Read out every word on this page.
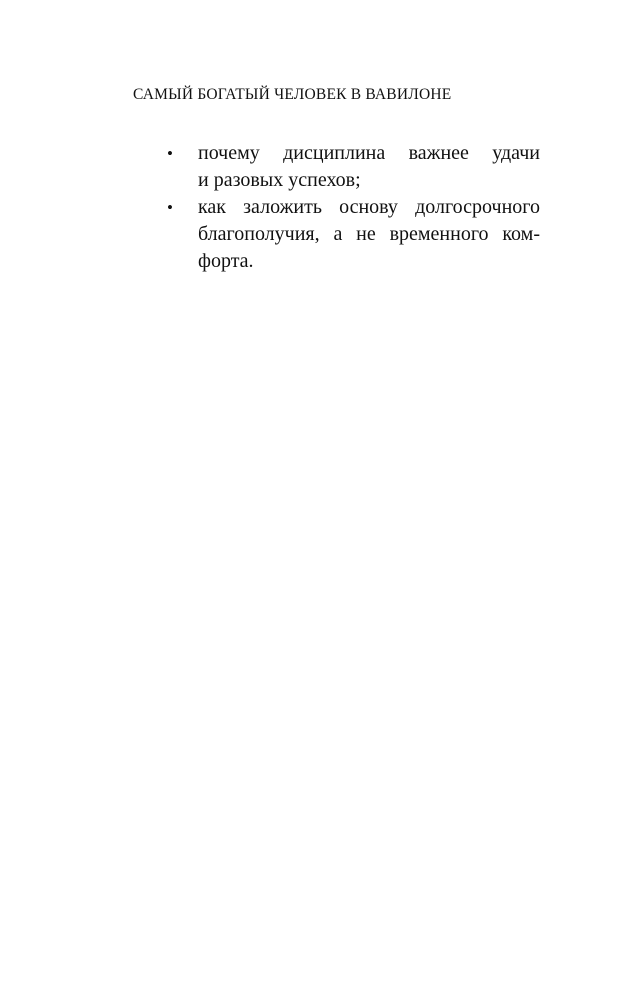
САМЫЙ БОГАТЫЙ ЧЕЛОВЕК В ВАВИЛОНЕ
• почему дисциплина важнее удачи
и разовых успехов;
• как заложить основу долгосрочного
благополучия, а не временного ком-
форта.
